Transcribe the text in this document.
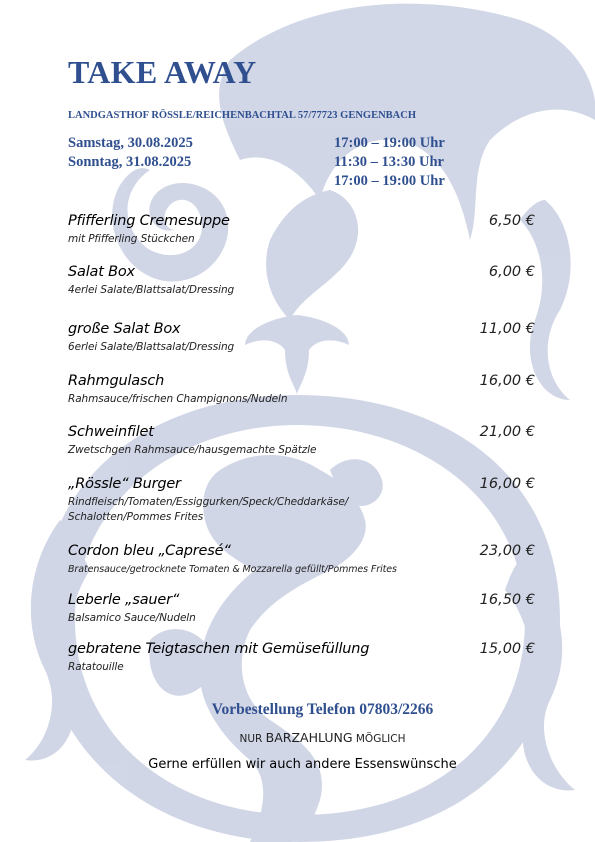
TAKE AWAY
LANDGASTHOF RÖSSLE/REICHENBACHTAL 57/77723 GENGENBACH
Samstag, 30.08.2025	17:00 – 19:00 Uhr
Sonntag, 31.08.2025	11:30 – 13:30 Uhr
17:00 – 19:00 Uhr
Pfifferling Cremesuppe
mit Pfifferling Stückchen
6,50 €
Salat Box
4erlei Salate/Blattsalat/Dressing
6,00 €
große Salat Box
6erlei Salate/Blattsalat/Dressing
11,00 €
Rahmgulasch
Rahmsauce/frischen Champignons/Nudeln
16,00 €
Schweinfilet
Zwetschgen Rahmsauce/hausgemachte Spätzle
21,00 €
„Rössle“ Burger
Rindfleisch/Tomaten/Essiggurken/Speck/Cheddarkäse/
Schalotten/Pommes Frites
16,00 €
Cordon bleu „Capresé“
Bratensauce/getrocknete Tomaten & Mozzarella gefüllt/Pommes Frites
23,00 €
Leberle „sauer“
Balsamico Sauce/Nudeln
16,50 €
gebratene Teigtaschen mit Gemüsefüllung
Ratatouille
15,00 €
Vorbestellung Telefon 07803/2266
NUR BARZAHLUNG MÖGLICH
Gerne erfüllen wir auch andere Essenswünsche
